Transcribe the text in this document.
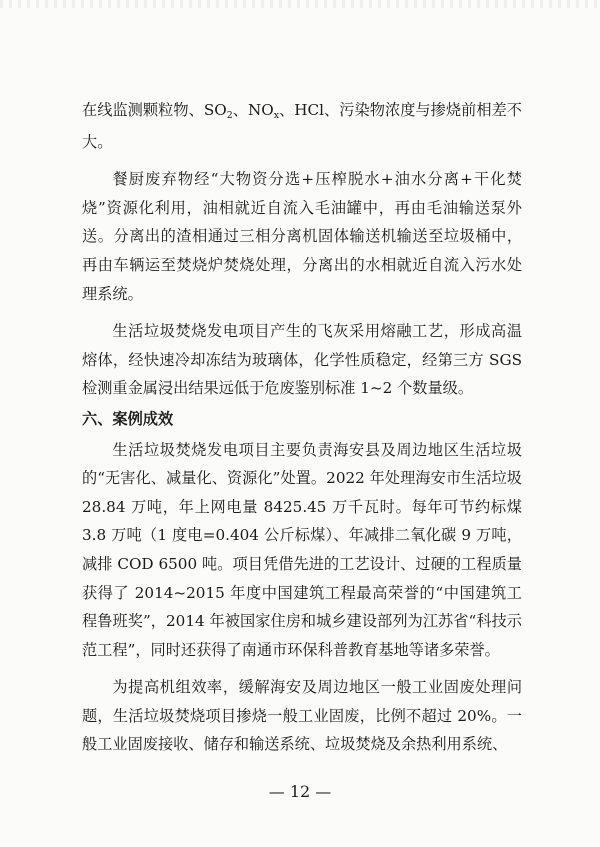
在线监测颗粒物、$SO_2$、$NO_x$、HCl、污染物浓度与掺烧前相差不大。

餐厨废弃物经“大物资分选+压榨脱水+油水分离+干化焚烧”资源化利用，油相就近自流入毛油罐中，再由毛油输送泵外送。分离出的渣相通过三相分离机固体输送机输送至垃圾桶中，再由车辆运至焚烧炉焚烧处理，分离出的水相就近自流入污水处理系统。

生活垃圾焚烧发电项目产生的飞灰采用熔融工艺，形成高温熔体，经快速冷却冻结为玻璃体，化学性质稳定，经第三方 SGS 检测重金属浸出结果远低于危废鉴别标准 1~2 个数量级。

六、案例成效

生活垃圾焚烧发电项目主要负责海安县及周边地区生活垃圾的“无害化、减量化、资源化”处置。2022 年处理海安市生活垃圾 28.84 万吨，年上网电量 8425.45 万千瓦时。每年可节约标煤 3.8 万吨（1 度电=0.404 公斤标煤）、年减排二氧化碳 9 万吨，减排 COD 6500 吨。项目凭借先进的工艺设计、过硬的工程质量获得了 2014~2015 年度中国建筑工程最高荣誉的“中国建筑工程鲁班奖”，2014 年被国家住房和城乡建设部列为江苏省“科技示范工程”，同时还获得了南通市环保科普教育基地等诸多荣誉。

为提高机组效率，缓解海安及周边地区一般工业固废处理问题，生活垃圾焚烧项目掺烧一般工业固废，比例不超过 20%。一般工业固废接收、储存和输送系统、垃圾焚烧及余热利用系统、

— 12 —
